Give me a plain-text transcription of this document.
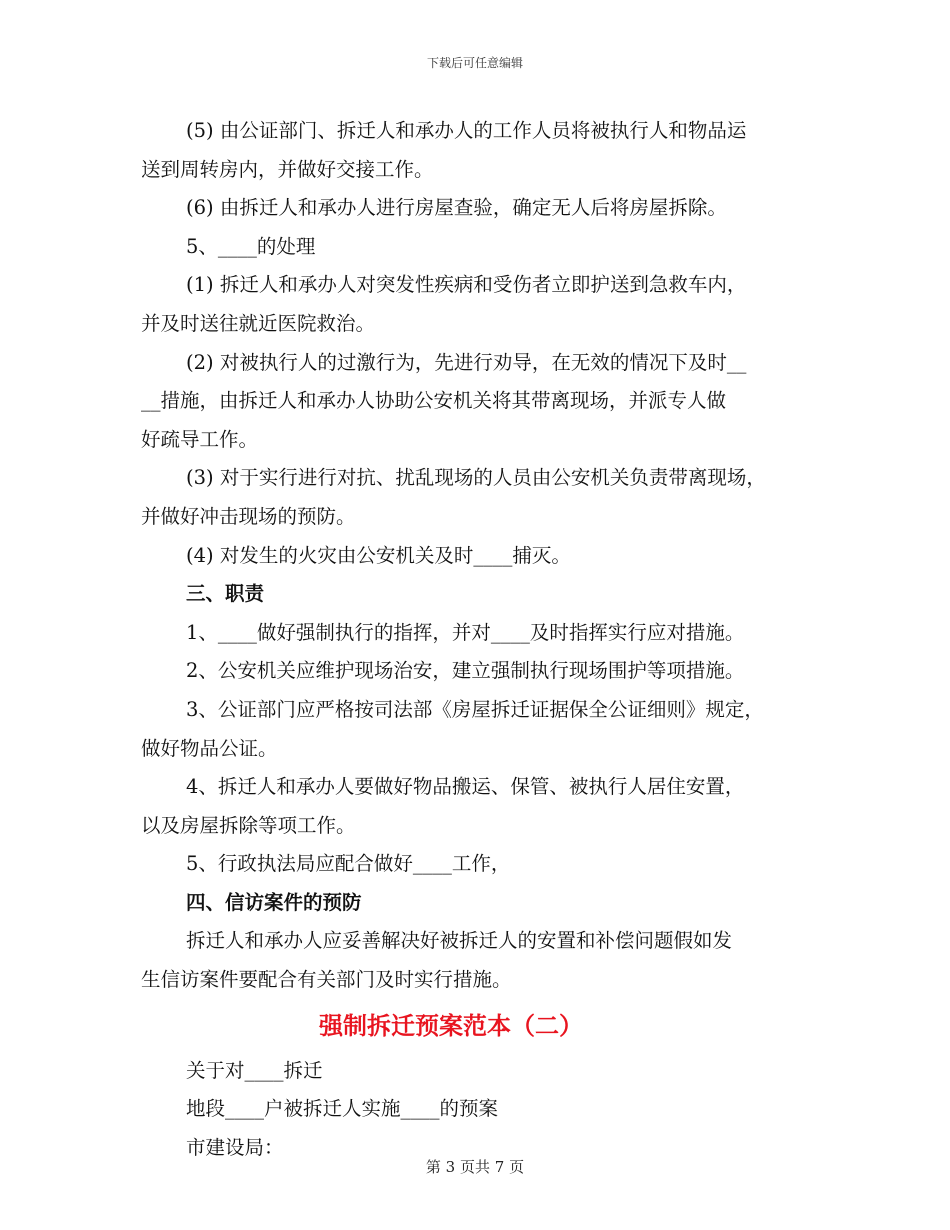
下载后可任意编辑
(5) 由公证部门、拆迁人和承办人的工作人员将被执行人和物品运
送到周转房内，并做好交接工作。
(6) 由拆迁人和承办人进行房屋查验，确定无人后将房屋拆除。
5、____的处理
(1) 拆迁人和承办人对突发性疾病和受伤者立即护送到急救车内，
并及时送往就近医院救治。
(2) 对被执行人的过激行为，先进行劝导，在无效的情况下及时__
__措施，由拆迁人和承办人协助公安机关将其带离现场，并派专人做
好疏导工作。
(3) 对于实行进行对抗、扰乱现场的人员由公安机关负责带离现场，
并做好冲击现场的预防。
(4) 对发生的火灾由公安机关及时____捕灭。
三、职责
1、____做好强制执行的指挥，并对____及时指挥实行应对措施。
2、公安机关应维护现场治安，建立强制执行现场围护等项措施。
3、公证部门应严格按司法部《房屋拆迁证据保全公证细则》规定，
做好物品公证。
4、拆迁人和承办人要做好物品搬运、保管、被执行人居住安置，
以及房屋拆除等项工作。
5、行政执法局应配合做好____工作，
四、信访案件的预防
拆迁人和承办人应妥善解决好被拆迁人的安置和补偿问题假如发
生信访案件要配合有关部门及时实行措施。
强制拆迁预案范本（二）
关于对____拆迁
地段____户被拆迁人实施____的预案
市建设局：
第 3 页共 7 页
